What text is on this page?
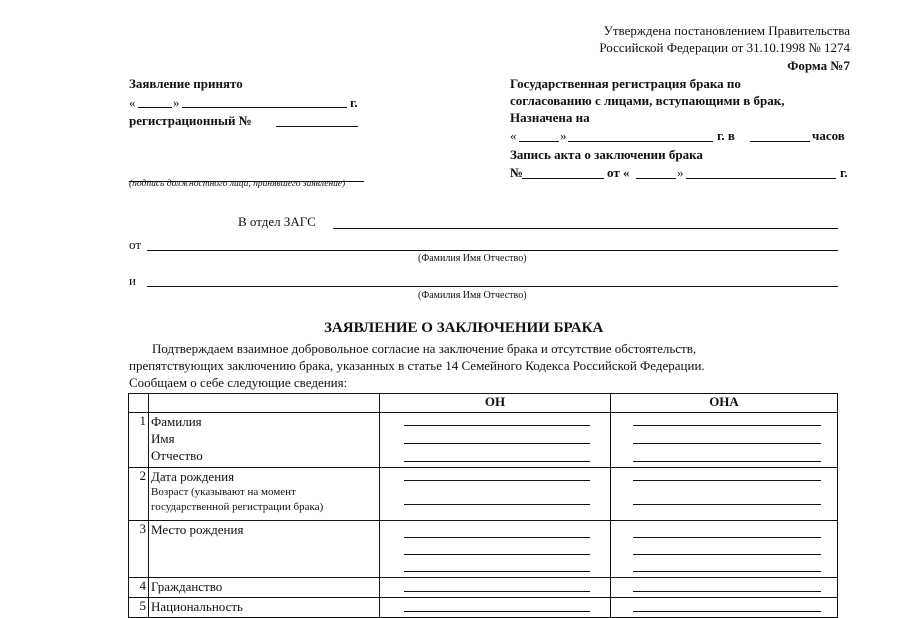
Утверждена постановлением Правительства
Российской Федерации от 31.10.1998 № 1274
Форма №7
Заявление принято
«	»	г.
регистрационный №
(подпись должностного лица, принявшего заявление)
Государственная регистрация брака по
согласованию с лицами, вступающими в брак,
Назначена на
«	»	г. в	часов
Запись акта о заключении брака
№	от «	»	г.
В отдел ЗАГС
от
(Фамилия Имя Отчество)
и
(Фамилия Имя Отчество)
ЗАЯВЛЕНИЕ О ЗАКЛЮЧЕНИИ БРАКА
Подтверждаем взаимное добровольное согласие на заключение брака и отсутствие обстоятельств,
препятствующих заключению брака, указанных в статье 14 Семейного Кодекса Российской Федерации.
Сообщаем о себе следующие сведения:
		ОН	ОНА
1	Фамилия
Имя
Отчество		

2	Дата рождения
Возраст (указывают на момент
государственной регистрации брака)		

3	Место рождения		

4	Гражданство		

5	Национальность		
